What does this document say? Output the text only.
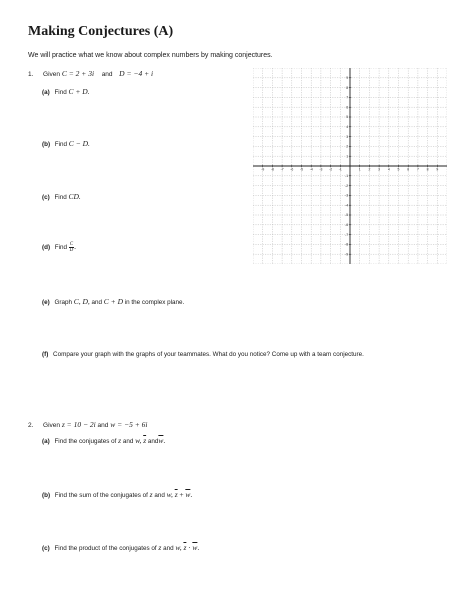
Making Conjectures (A)
We will practice what we know about complex numbers by making conjectures.
1. Given C = 2 + 3i and D = −4 + i
(a) Find C + D.
(b) Find C − D.
(c) Find CD.
(d) Find $\frac{C}{D}$ .
(e) Graph C, D, and C + D in the complex plane.
(f) Compare your graph with the graphs of your teammates. What do you notice? Come up with a team conjecture.
2. Given z = 10 − 2i and w = −5 + 6i
(a) Find the conjugates of z and w, $\overline{z}$ $and\overline{w}$.
(b) Find the sum of the conjugates of z and w, $\overline{z} + \overline{w}$.
(c) Find the product of the conjugates of z and w, $\overline{z} \cdot \overline{w}$.
-9 -8 -7 -6 -5 -4 -3 -2 -1	1 2 3 4 5 6 7 8 9
9
8
7
6
5
4
3
2
1
-1
-2
-3
-4
-5
-6
-7
-8
-9
